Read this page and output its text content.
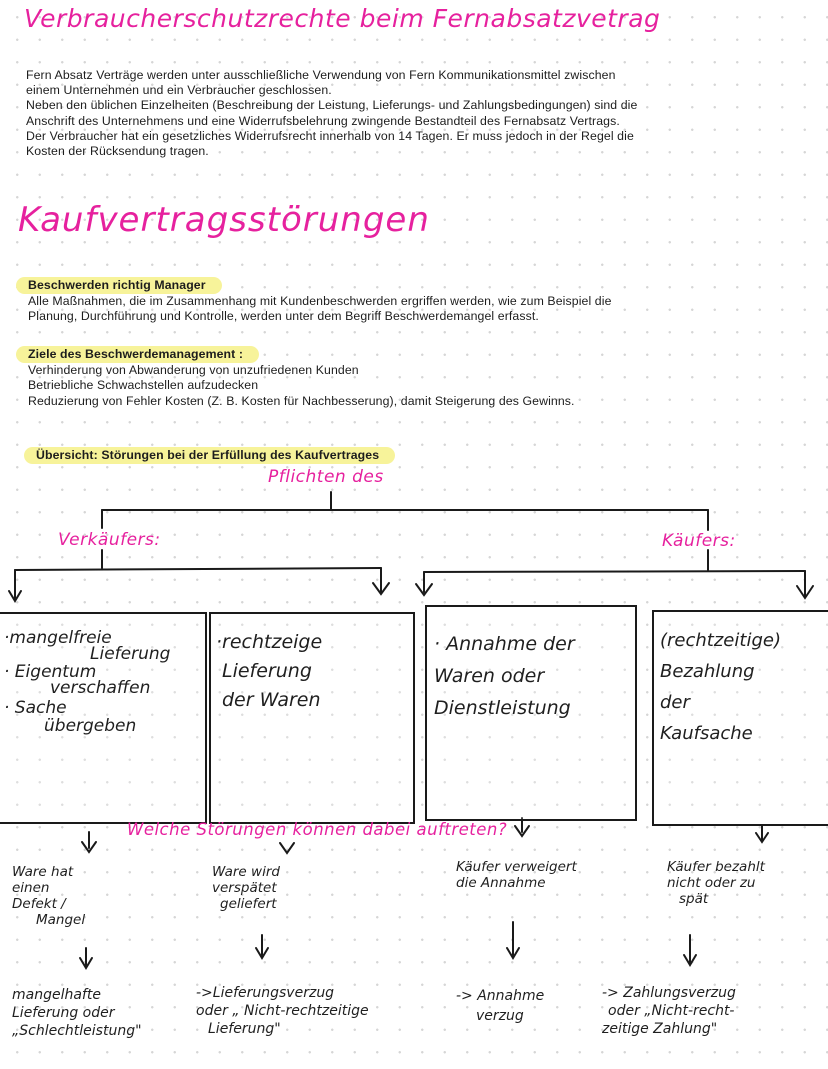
Verbraucherschutzrechte beim Fernabsatzvetrag

Fern Absatz Verträge werden unter ausschließliche Verwendung von Fern Kommunikationsmittel zwischen

einem Unternehmen und ein Verbraucher geschlossen.

Neben den üblichen Einzelheiten (Beschreibung der Leistung, Lieferungs- und Zahlungsbedingungen) sind die

Anschrift des Unternehmens und eine Widerrufsbelehrung zwingende Bestandteil des Fernabsatz Vertrags.

Der Verbraucher hat ein gesetzliches Widerrufsrecht innerhalb von 14 Tagen. Er muss jedoch in der Regel die

Kosten der Rücksendung tragen.

Kaufvertragsstörungen

Beschwerden richtig Manager

Alle Maßnahmen, die im Zusammenhang mit Kundenbeschwerden ergriffen werden, wie zum Beispiel die

Planung, Durchführung und Kontrolle, werden unter dem Begriff Beschwerdemangel erfasst.

Ziele des Beschwerdemanagement :

Verhinderung von Abwanderung von unzufriedenen Kunden

Betriebliche Schwachstellen aufzudecken

Reduzierung von Fehler Kosten (Z. B. Kosten für Nachbesserung), damit Steigerung des Gewinns.

Übersicht: Störungen bei der Erfüllung des Kaufvertrages
Pflichten des
Verkäufers:	Käufers:
·mangelfreie
Lieferung
· Eigentum
verschaffen
· Sache
übergeben
·rechtzeige
Lieferung
der Waren
· Annahme der
Waren oder
Dienstleistung
(rechtzeitige)
Bezahlung
der
Kaufsache
Welche Störungen können dabei auftreten?
Ware hat
einen
Defekt /
Mangel
Ware wird
verspätet
geliefert
Käufer verweigert
die Annahme
Käufer bezahlt
nicht oder zu
spät
mangelhafte
Lieferung oder
„Schlechtleistung"
->Lieferungsverzug
oder „ Nicht-rechtzeitige
Lieferung"
-> Annahme
verzug
-> Zahlungsverzug
oder „Nicht-recht-
zeitige Zahlung"
